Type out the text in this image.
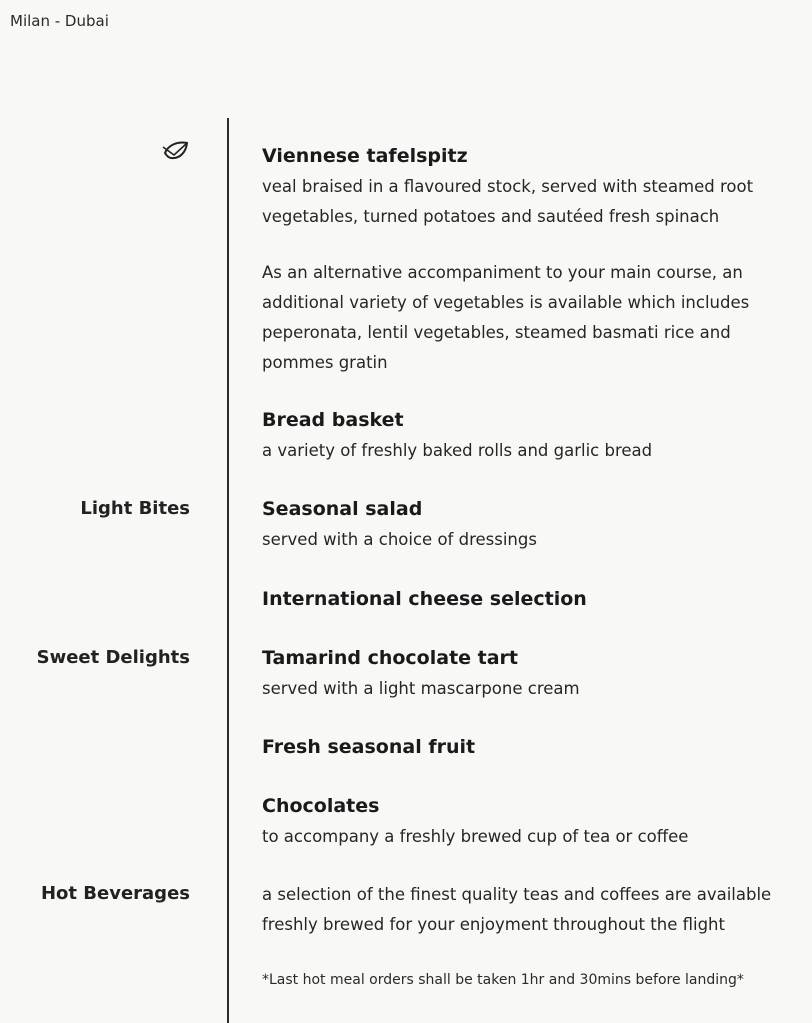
Milan - Dubai
Light Bites
Sweet Delights
Hot Beverages
Viennese tafelspitz
veal braised in a flavoured stock, served with steamed root vegetables, turned potatoes and sautéed fresh spinach
As an alternative accompaniment to your main course, an additional variety of vegetables is available which includes peperonata, lentil vegetables, steamed basmati rice and pommes gratin
Bread basket
a variety of freshly baked rolls and garlic bread
Seasonal salad
served with a choice of dressings
International cheese selection
Tamarind chocolate tart
served with a light mascarpone cream
Fresh seasonal fruit
Chocolates
to accompany a freshly brewed cup of tea or coffee
a selection of the finest quality teas and coffees are available freshly brewed for your enjoyment throughout the flight
*Last hot meal orders shall be taken 1hr and 30mins before landing*
